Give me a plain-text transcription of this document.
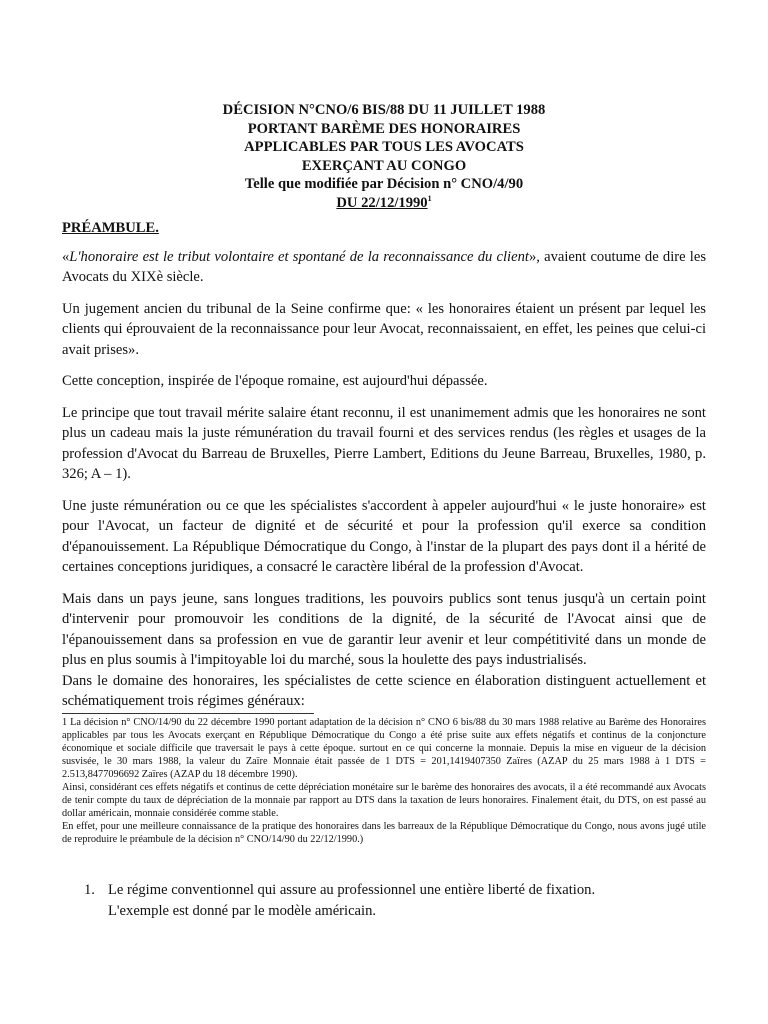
DÉCISION N°CNO/6 BIS/88 DU 11 JUILLET 1988
PORTANT BARÈME DES HONORAIRES
APPLICABLES PAR TOUS LES AVOCATS
EXERÇANT AU CONGO
Telle que modifiée par Décision n° CNO/4/90
DU 22/12/1990$^1$

PRÉAMBULE.

«L'honoraire est le tribut volontaire et spontané de la reconnaissance du client», avaient coutume de dire les Avocats du XIXè siècle.

Un jugement ancien du tribunal de la Seine confirme que: « les honoraires étaient un présent par lequel les clients qui éprouvaient de la reconnaissance pour leur Avocat, reconnaissaient, en effet, les peines que celui-ci avait prises».

Cette conception, inspirée de l'époque romaine, est aujourd'hui dépassée.

Le principe que tout travail mérite salaire étant reconnu, il est unanimement admis que les honoraires ne sont plus un cadeau mais la juste rémunération du travail fourni et des services rendus (les règles et usages de la profession d'Avocat du Barreau de Bruxelles, Pierre Lambert, Editions du Jeune Barreau, Bruxelles, 1980, p. 326; A – 1).

Une juste rémunération ou ce que les spécialistes s'accordent à appeler aujourd'hui « le juste honoraire» est pour l'Avocat, un facteur de dignité et de sécurité et pour la profession qu'il exerce sa condition d'épanouissement. La République Démocratique du Congo, à l'instar de la plupart des pays dont il a hérité de certaines conceptions juridiques, a consacré le caractère libéral de la profession d'Avocat.

Mais dans un pays jeune, sans longues traditions, les pouvoirs publics sont tenus jusqu'à un certain point d'intervenir pour promouvoir les conditions de la dignité, de la sécurité de l'Avocat ainsi que de l'épanouissement dans sa profession en vue de garantir leur avenir et leur compétitivité dans un monde de plus en plus soumis à l'impitoyable loi du marché, sous la houlette des pays industrialisés.

Dans le domaine des honoraires, les spécialistes de cette science en élaboration distinguent actuellement et schématiquement trois régimes généraux:

1 La décision n° CNO/14/90 du 22 décembre 1990 portant adaptation de la décision n° CNO 6 bis/88 du 30 mars 1988 relative au Barème des Honoraires applicables par tous les Avocats exerçant en République Démocratique du Congo a été prise suite aux effets négatifs et continus de la conjoncture économique et sociale difficile que traversait le pays à cette époque. surtout en ce qui concerne la monnaie. Depuis la mise en vigueur de la décision susvisée, le 30 mars 1988, la valeur du Zaïre Monnaie était passée de 1 DTS = 201,1419407350 Zaïres (AZAP du 25 mars 1988 à 1 DTS = 2.513,8477096692 Zaïres (AZAP du 18 décembre 1990).

Ainsi, considérant ces effets négatifs et continus de cette dépréciation monétaire sur le barème des honoraires des avocats, il a été recommandé aux Avocats de tenir compte du taux de dépréciation de la monnaie par rapport au DTS dans la taxation de leurs honoraires. Finalement était, du DTS, on est passé au dollar américain, monnaie considérée comme stable.

En effet, pour une meilleure connaissance de la pratique des honoraires dans les barreaux de la République Démocratique du Congo, nous avons jugé utile de reproduire le préambule de la décision n° CNO/14/90 du 22/12/1990.)

1. Le régime conventionnel qui assure au professionnel une entière liberté de fixation.
L'exemple est donné par le modèle américain.
